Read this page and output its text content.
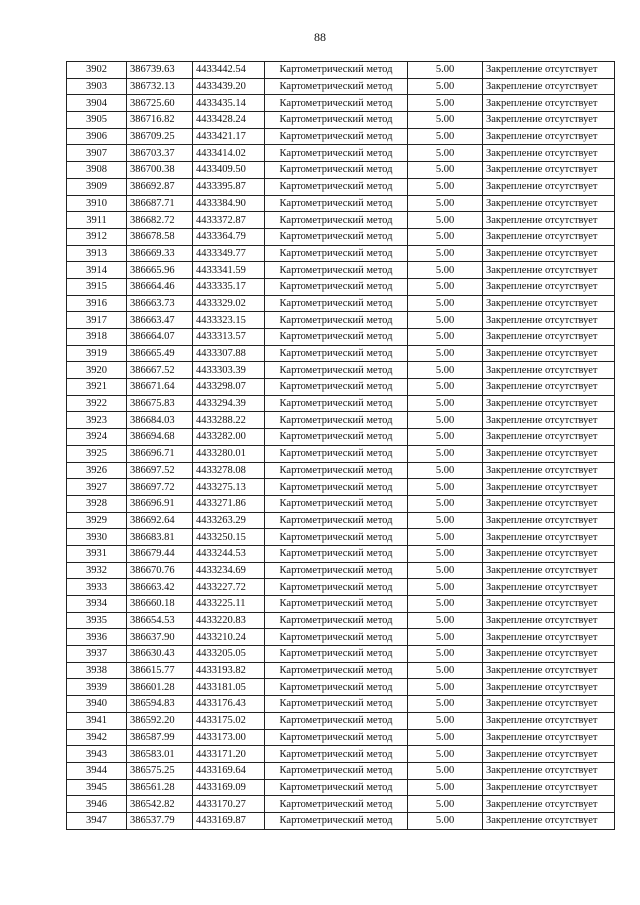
88
3902	386739.63	4433442.54	Картометрический метод	5.00	Закрепление отсутствует
3903	386732.13	4433439.20	Картометрический метод	5.00	Закрепление отсутствует
3904	386725.60	4433435.14	Картометрический метод	5.00	Закрепление отсутствует
3905	386716.82	4433428.24	Картометрический метод	5.00	Закрепление отсутствует
3906	386709.25	4433421.17	Картометрический метод	5.00	Закрепление отсутствует
3907	386703.37	4433414.02	Картометрический метод	5.00	Закрепление отсутствует
3908	386700.38	4433409.50	Картометрический метод	5.00	Закрепление отсутствует
3909	386692.87	4433395.87	Картометрический метод	5.00	Закрепление отсутствует
3910	386687.71	4433384.90	Картометрический метод	5.00	Закрепление отсутствует
3911	386682.72	4433372.87	Картометрический метод	5.00	Закрепление отсутствует
3912	386678.58	4433364.79	Картометрический метод	5.00	Закрепление отсутствует
3913	386669.33	4433349.77	Картометрический метод	5.00	Закрепление отсутствует
3914	386665.96	4433341.59	Картометрический метод	5.00	Закрепление отсутствует
3915	386664.46	4433335.17	Картометрический метод	5.00	Закрепление отсутствует
3916	386663.73	4433329.02	Картометрический метод	5.00	Закрепление отсутствует
3917	386663.47	4433323.15	Картометрический метод	5.00	Закрепление отсутствует
3918	386664.07	4433313.57	Картометрический метод	5.00	Закрепление отсутствует
3919	386665.49	4433307.88	Картометрический метод	5.00	Закрепление отсутствует
3920	386667.52	4433303.39	Картометрический метод	5.00	Закрепление отсутствует
3921	386671.64	4433298.07	Картометрический метод	5.00	Закрепление отсутствует
3922	386675.83	4433294.39	Картометрический метод	5.00	Закрепление отсутствует
3923	386684.03	4433288.22	Картометрический метод	5.00	Закрепление отсутствует
3924	386694.68	4433282.00	Картометрический метод	5.00	Закрепление отсутствует
3925	386696.71	4433280.01	Картометрический метод	5.00	Закрепление отсутствует
3926	386697.52	4433278.08	Картометрический метод	5.00	Закрепление отсутствует
3927	386697.72	4433275.13	Картометрический метод	5.00	Закрепление отсутствует
3928	386696.91	4433271.86	Картометрический метод	5.00	Закрепление отсутствует
3929	386692.64	4433263.29	Картометрический метод	5.00	Закрепление отсутствует
3930	386683.81	4433250.15	Картометрический метод	5.00	Закрепление отсутствует
3931	386679.44	4433244.53	Картометрический метод	5.00	Закрепление отсутствует
3932	386670.76	4433234.69	Картометрический метод	5.00	Закрепление отсутствует
3933	386663.42	4433227.72	Картометрический метод	5.00	Закрепление отсутствует
3934	386660.18	4433225.11	Картометрический метод	5.00	Закрепление отсутствует
3935	386654.53	4433220.83	Картометрический метод	5.00	Закрепление отсутствует
3936	386637.90	4433210.24	Картометрический метод	5.00	Закрепление отсутствует
3937	386630.43	4433205.05	Картометрический метод	5.00	Закрепление отсутствует
3938	386615.77	4433193.82	Картометрический метод	5.00	Закрепление отсутствует
3939	386601.28	4433181.05	Картометрический метод	5.00	Закрепление отсутствует
3940	386594.83	4433176.43	Картометрический метод	5.00	Закрепление отсутствует
3941	386592.20	4433175.02	Картометрический метод	5.00	Закрепление отсутствует
3942	386587.99	4433173.00	Картометрический метод	5.00	Закрепление отсутствует
3943	386583.01	4433171.20	Картометрический метод	5.00	Закрепление отсутствует
3944	386575.25	4433169.64	Картометрический метод	5.00	Закрепление отсутствует
3945	386561.28	4433169.09	Картометрический метод	5.00	Закрепление отсутствует
3946	386542.82	4433170.27	Картометрический метод	5.00	Закрепление отсутствует
3947	386537.79	4433169.87	Картометрический метод	5.00	Закрепление отсутствует
